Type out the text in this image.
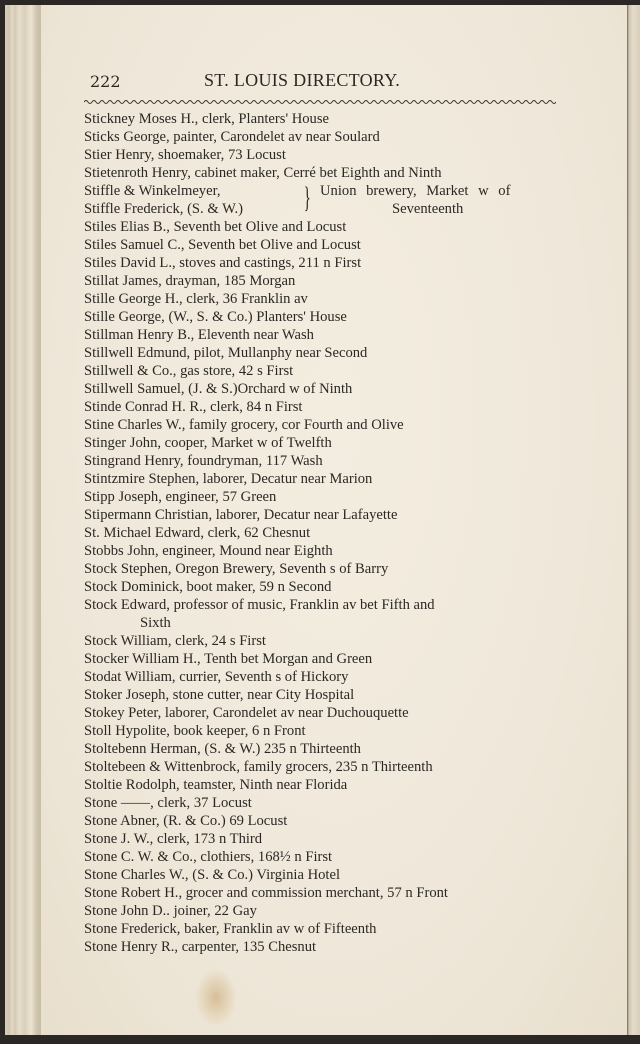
222	ST. LOUIS DIRECTORY.
Stickney Moses H., clerk, Planters' House
Sticks George, painter, Carondelet av near Soulard
Stier Henry, shoemaker, 73 Locust
Stietenroth Henry, cabinet maker, Cerré bet Eighth and Ninth
Stiffle & Winkelmeyer,
Stiffle Frederick, (S. & W.) } Union brewery, Market w of
Seventeenth
Stiles Elias B., Seventh bet Olive and Locust
Stiles Samuel C., Seventh bet Olive and Locust
Stiles David L., stoves and castings, 211 n First
Stillat James, drayman, 185 Morgan
Stille George H., clerk, 36 Franklin av
Stille George, (W., S. & Co.) Planters' House
Stillman Henry B., Eleventh near Wash
Stillwell Edmund, pilot, Mullanphy near Second
Stillwell & Co., gas store, 42 s First
Stillwell Samuel, (J. & S.)Orchard w of Ninth
Stinde Conrad H. R., clerk, 84 n First
Stine Charles W., family grocery, cor Fourth and Olive
Stinger John, cooper, Market w of Twelfth
Stingrand Henry, foundryman, 117 Wash
Stintzmire Stephen, laborer, Decatur near Marion
Stipp Joseph, engineer, 57 Green
Stipermann Christian, laborer, Decatur near Lafayette
St. Michael Edward, clerk, 62 Chesnut
Stobbs John, engineer, Mound near Eighth
Stock Stephen, Oregon Brewery, Seventh s of Barry
Stock Dominick, boot maker, 59 n Second
Stock Edward, professor of music, Franklin av bet Fifth and
Sixth
Stock William, clerk, 24 s First
Stocker William H., Tenth bet Morgan and Green
Stodat William, currier, Seventh s of Hickory
Stoker Joseph, stone cutter, near City Hospital
Stokey Peter, laborer, Carondelet av near Duchouquette
Stoll Hypolite, book keeper, 6 n Front
Stoltebenn Herman, (S. & W.) 235 n Thirteenth
Stoltebeen & Wittenbrock, family grocers, 235 n Thirteenth
Stoltie Rodolph, teamster, Ninth near Florida
Stone ——, clerk, 37 Locust
Stone Abner, (R. & Co.) 69 Locust
Stone J. W., clerk, 173 n Third
Stone C. W. & Co., clothiers, 168½ n First
Stone Charles W., (S. & Co.) Virginia Hotel
Stone Robert H., grocer and commission merchant, 57 n Front
Stone John D.. joiner, 22 Gay
Stone Frederick, baker, Franklin av w of Fifteenth
Stone Henry R., carpenter, 135 Chesnut
